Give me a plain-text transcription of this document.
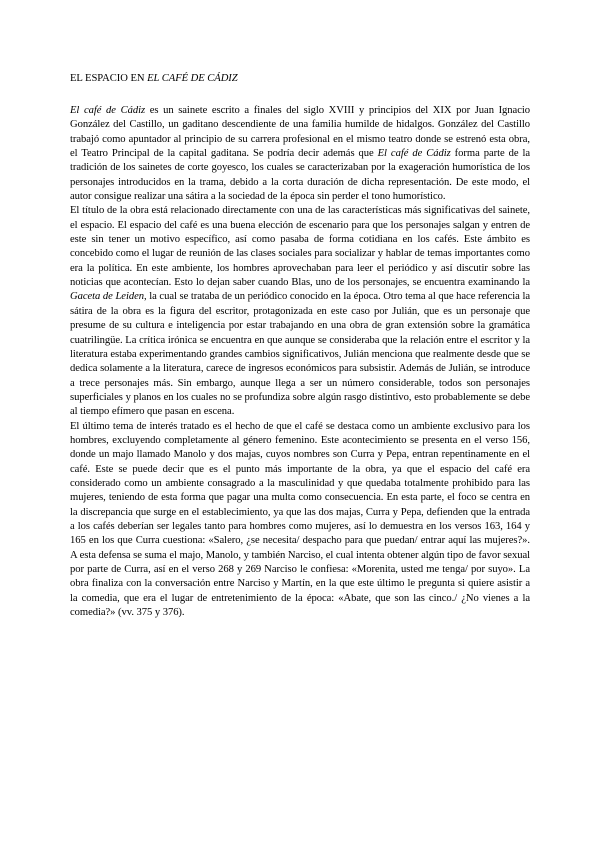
EL ESPACIO EN EL CAFÉ DE CÁDIZ

El café de Cádiz es un sainete escrito a finales del siglo XVIII y principios del XIX por Juan Ignacio González del Castillo, un gaditano descendiente de una familia humilde de hidalgos. González del Castillo trabajó como apuntador al principio de su carrera profesional en el mismo teatro donde se estrenó esta obra, el Teatro Principal de la capital gaditana. Se podría decir además que El café de Cádiz forma parte de la tradición de los sainetes de corte goyesco, los cuales se caracterizaban por la exageración humorística de los personajes introducidos en la trama, debido a la corta duración de dicha representación. De este modo, el autor consigue realizar una sátira a la sociedad de la época sin perder el tono humorístico.

El título de la obra está relacionado directamente con una de las características más significativas del sainete, el espacio. El espacio del café es una buena elección de escenario para que los personajes salgan y entren de este sin tener un motivo específico, así como pasaba de forma cotidiana en los cafés. Este ámbito es concebido como el lugar de reunión de las clases sociales para socializar y hablar de temas importantes como era la política. En este ambiente, los hombres aprovechaban para leer el periódico y así discutir sobre las noticias que acontecían. Esto lo dejan saber cuando Blas, uno de los personajes, se encuentra examinando la Gaceta de Leiden, la cual se trataba de un periódico conocido en la época. Otro tema al que hace referencia la sátira de la obra es la figura del escritor, protagonizada en este caso por Julián, que es un personaje que presume de su cultura e inteligencia por estar trabajando en una obra de gran extensión sobre la gramática cuatrilingüe. La crítica irónica se encuentra en que aunque se consideraba que la relación entre el escritor y la literatura estaba experimentando grandes cambios significativos, Julián menciona que realmente desde que se dedica solamente a la literatura, carece de ingresos económicos para subsistir. Además de Julián, se introduce a trece personajes más. Sin embargo, aunque llega a ser un número considerable, todos son personajes superficiales y planos en los cuales no se profundiza sobre algún rasgo distintivo, esto probablemente se debe al tiempo efímero que pasan en escena.

El último tema de interés tratado es el hecho de que el café se destaca como un ambiente exclusivo para los hombres, excluyendo completamente al género femenino. Este acontecimiento se presenta en el verso 156, donde un majo llamado Manolo y dos majas, cuyos nombres son Curra y Pepa, entran repentinamente en el café. Este se puede decir que es el punto más importante de la obra, ya que el espacio del café era considerado como un ambiente consagrado a la masculinidad y que quedaba totalmente prohibido para las mujeres, teniendo de esta forma que pagar una multa como consecuencia. En esta parte, el foco se centra en la discrepancia que surge en el establecimiento, ya que las dos majas, Curra y Pepa, defienden que la entrada a los cafés deberían ser legales tanto para hombres como mujeres, así lo demuestra en los versos 163, 164 y 165 en los que Curra cuestiona: «Salero, ¿se necesita/ despacho para que puedan/ entrar aquí las mujeres?». A esta defensa se suma el majo, Manolo, y también Narciso, el cual intenta obtener algún tipo de favor sexual por parte de Curra, así en el verso 268 y 269 Narciso le confiesa: «Morenita, usted me tenga/ por suyo». La obra finaliza con la conversación entre Narciso y Martín, en la que este último le pregunta si quiere asistir a la comedia, que era el lugar de entretenimiento de la época: «Abate, que son las cinco./ ¿No vienes a la comedia?» (vv. 375 y 376).
